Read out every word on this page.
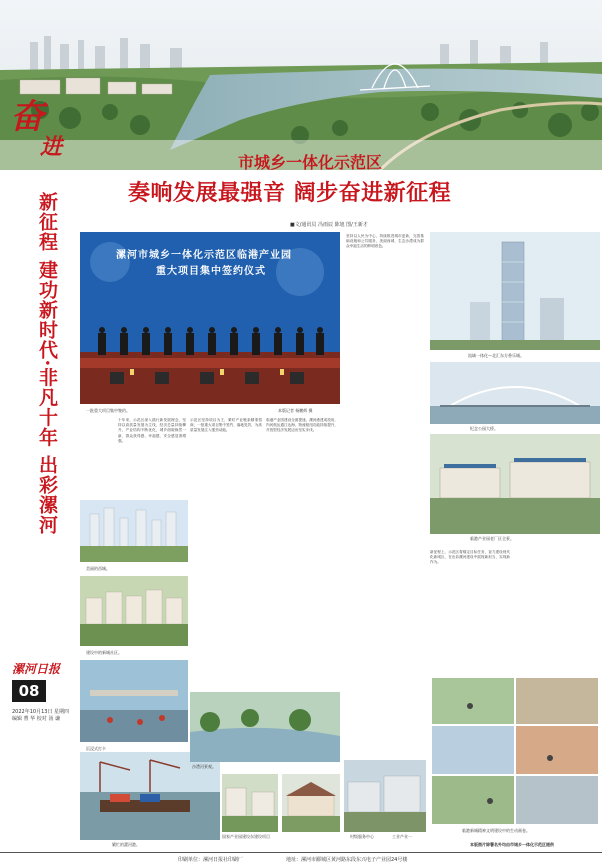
奋
进
新征程 建功新时代·非凡十年 出彩漯河
漯河日报
08
2022年10月13日 星期四
编辑 曹 华 校对 汤 谦
市城乡一体化示范区
奏响发展最强音 阔步奋进新征程
■文/通讯员 冯雨辰 陈旭 图/王新才
漯河市城乡一体化示范区临港产业园
重大项目集中签约仪式
一批重大项目集中签约。	本版记者 杨鹏辉 摄
十年来，示范区深入践行新发展理念，坚持以高质量发展为主线，经济总量持续攀升，产业结构不断优化，城乡面貌焕然一新，群众获得感、幸福感、安全感显著增强。
示范区坚持项目为王，紧盯产业链条精准招商，一批重大项目集中签约、落地见效，为高质量发展注入强劲动能。
临港产业园建设全面提速，漯河港建成投用，内河航运通江达海，物流枢纽功能持续提升，开放型经济发展迈出坚实步伐。
坚持以人民为中心，持续推进城市更新，完善基础设施和公共服务，美丽西城、生态沙澧成为群众幸福生活的鲜明底色。
新征程上，示范区将锚定目标任务，奋力建设现代化新城区，在出彩漯河建设中展现新担当、实现新作为。
美丽的西城。
建设中的新城社区。
沉浸式打卡
繁忙的漯河港。
沙澧河景观。
国家产业园建设东建设项目	村级服务中心	工业产业一
流域一体化—北汇东方香乐城。
纪念公园大桥。
临港产业园老厂区全景。
临港新城精神文明建设中的生动画卷。
本版图片除署名外均由市城乡一体化示范区提供
印刷单位：漯河日报社印刷厂	地址：漯河市郾城区黄河路东段东兴电子产业园24号楼
